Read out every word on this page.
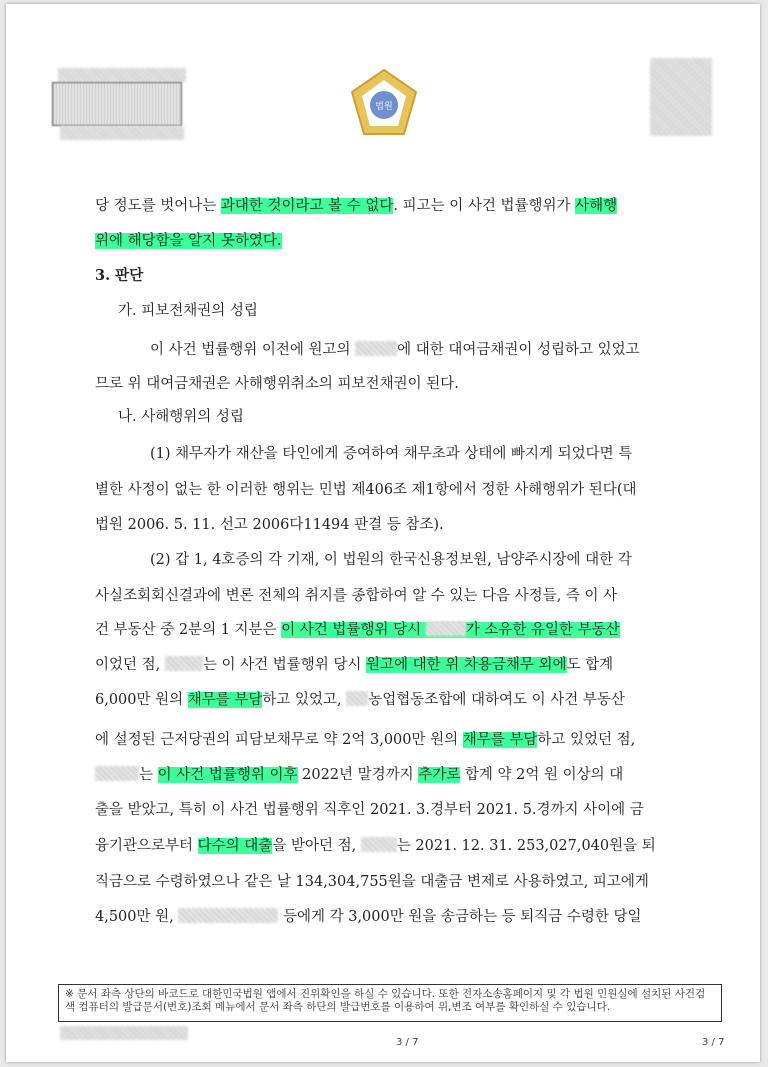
법원
당 정도를 벗어나는 과대한 것이라고 볼 수 없다. 피고는 이 사건 법률행위가 사해행
위에 해당함을 알지 못하였다.
3. 판단
가. 피보전채권의 성립
이 사건 법률행위 이전에 원고의	에 대한 대여금채권이 성립하고 있었고
므로 위 대여금채권은 사해행위취소의 피보전채권이 된다.
나. 사해행위의 성립
(1) 채무자가 재산을 타인에게 증여하여 채무초과 상태에 빠지게 되었다면 특
별한 사정이 없는 한 이러한 행위는 민법 제406조 제1항에서 정한 사해행위가 된다(대
법원 2006. 5. 11. 선고 2006다11494 판결 등 참조).
(2) 갑 1, 4호증의 각 기재, 이 법원의 한국신용정보원, 남양주시장에 대한 각
사실조회회신결과에 변론 전체의 취지를 종합하여 알 수 있는 다음 사정들, 즉 이 사
건 부동산 중 2분의 1 지분은 이 사건 법률행위 당시	가 소유한 유일한 부동산
이었던 점,	는 이 사건 법률행위 당시 원고에 대한 위 차용금채무 외에도 합계
6,000만 원의 채무를 부담하고 있었고, 농업협동조합에 대하여도 이 사건 부동산
에 설정된 근저당권의 피담보채무로 약 2억 3,000만 원의 채무를 부담하고 있었던 점,
는 이 사건 법률행위 이후 2022년 말경까지 추가로 합계 약 2억 원 이상의 대
출을 받았고, 특히 이 사건 법률행위 직후인 2021. 3.경부터 2021. 5.경까지 사이에 금
융기관으로부터 다수의 대출을 받아던 점, 는 2021. 12. 31. 253,027,040원을 퇴
직금으로 수령하였으나 같은 날 134,304,755원을 대출금 변제로 사용하였고, 피고에게
4,500만 원,	등에게 각 3,000만 원을 송금하는 등 퇴직금 수령한 당일
※ 문서 좌측 상단의 바코드로 대한민국법원 앱에서 진위확인을 하실 수 있습니다. 또한 전자소송홈페이지 및 각 법원 민원실에 설치된 사건검색 컴퓨터의 발급문서(번호)조회 메뉴에서 문서 좌측 하단의 발급번호를 이용하여 위,변조 여부를 확인하실 수 있습니다.
3 / 7	3 / 7
